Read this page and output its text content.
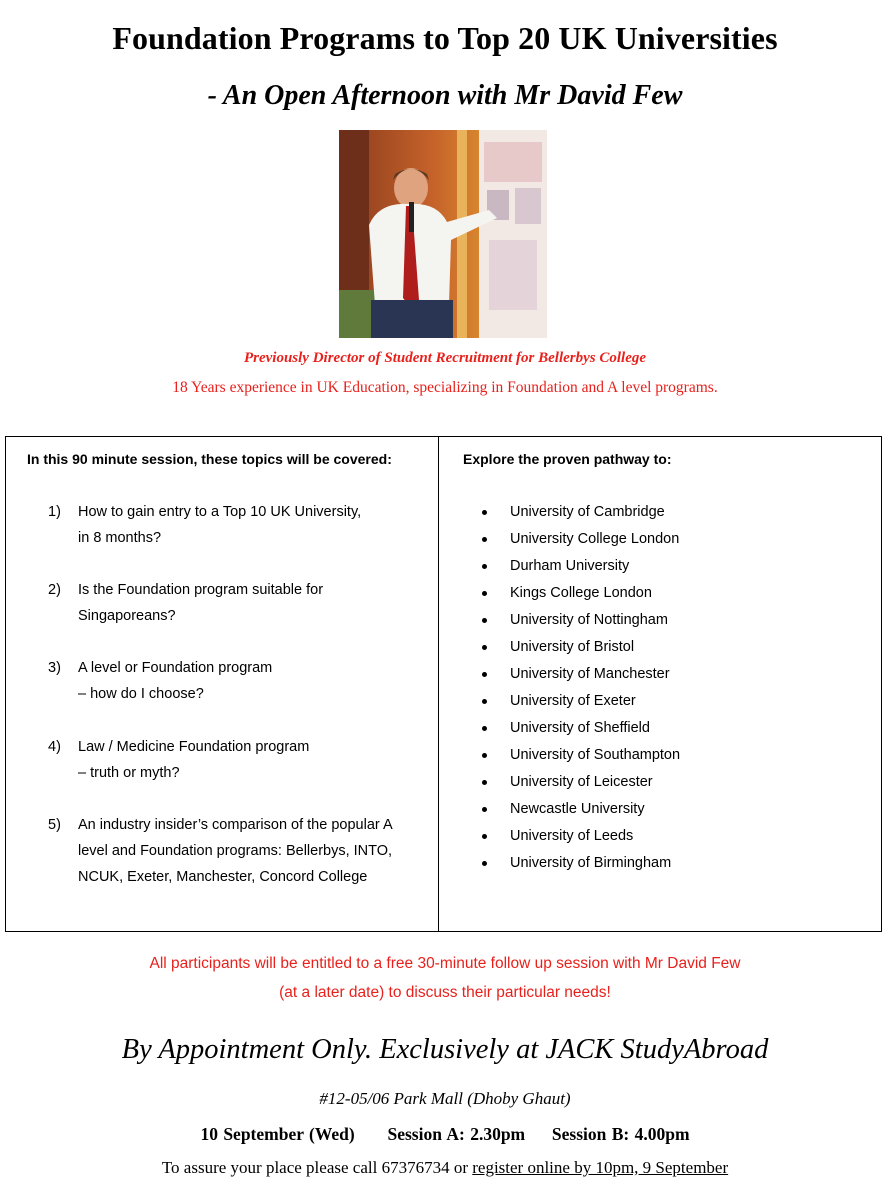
Foundation Programs to Top 20 UK Universities
- An Open Afternoon with Mr David Few
Previously Director of Student Recruitment for Bellerbys College
18 Years experience in UK Education, specializing in Foundation and A level programs.
In this 90 minute session, these topics will be covered:	Explore the proven pathway to:
1) How to gain entry to a Top 10 UK University,
in 8 months?
2) Is the Foundation program suitable for
Singaporeans?
3) A level or Foundation program
– how do I choose?
4) Law / Medicine Foundation program
– truth or myth?
5) An industry insider’s comparison of the popular A
level and Foundation programs: Bellerbys, INTO,
NCUK, Exeter, Manchester, Concord College
University of Cambridge
University College London
Durham University
Kings College London
University of Nottingham
University of Bristol
University of Manchester
University of Exeter
University of Sheffield
University of Southampton
University of Leicester
Newcastle University
University of Leeds
University of Birmingham
All participants will be entitled to a free 30-minute follow up session with Mr David Few
(at a later date) to discuss their particular needs!
By Appointment Only. Exclusively at JACK StudyAbroad
#12-05/06 Park Mall (Dhoby Ghaut)
10 September (Wed) Session A: 2.30pm Session B: 4.00pm
To assure your place please call 67376734 or register online by 10pm, 9 September
